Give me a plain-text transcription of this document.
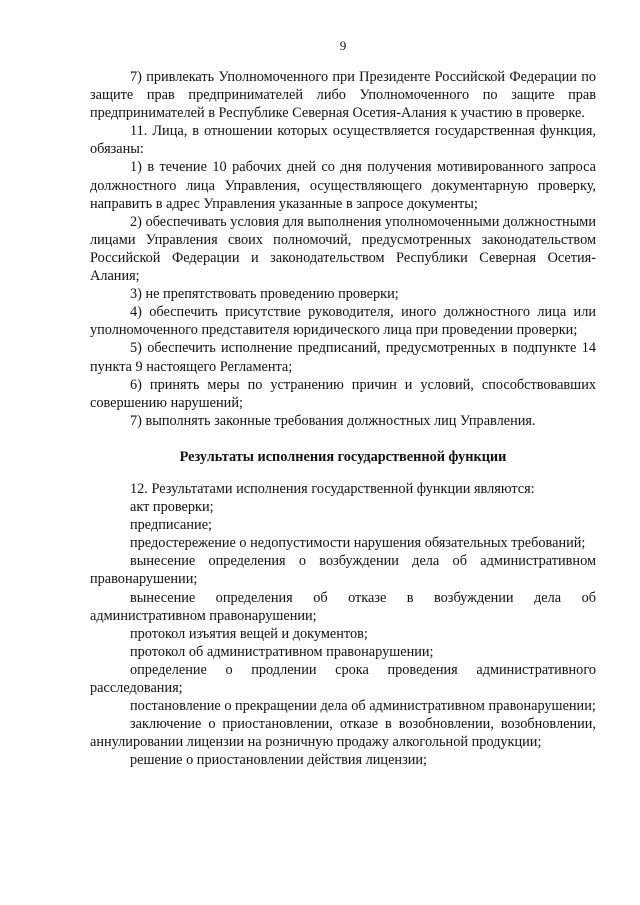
9

7) привлекать Уполномоченного при Президенте Российской Федерации по защите прав предпринимателей либо Уполномоченного по защите прав предпринимателей в Республике Северная Осетия-Алания к участию в проверке.

11. Лица, в отношении которых осуществляется государственная функция, обязаны:

1) в течение 10 рабочих дней со дня получения мотивированного запроса должностного лица Управления, осуществляющего документарную проверку, направить в адрес Управления указанные в запросе документы;

2) обеспечивать условия для выполнения уполномоченными должностными лицами Управления своих полномочий, предусмотренных законодательством Российской Федерации и законодательством Республики Северная Осетия-Алания;

3) не препятствовать проведению проверки;

4) обеспечить присутствие руководителя, иного должностного лица или уполномоченного представителя юридического лица при проведении проверки;

5) обеспечить исполнение предписаний, предусмотренных в подпункте 14 пункта 9 настоящего Регламента;

6) принять меры по устранению причин и условий, способствовавших совершению нарушений;

7) выполнять законные требования должностных лиц Управления.

Результаты исполнения государственной функции

12. Результатами исполнения государственной функции являются:

акт проверки;

предписание;

предостережение о недопустимости нарушения обязательных требований;

вынесение определения о возбуждении дела об административном правонарушении;

вынесение определения об отказе в возбуждении дела об административном правонарушении;

протокол изъятия вещей и документов;

протокол об административном правонарушении;

определение о продлении срока проведения административного расследования;

постановление о прекращении дела об административном правонарушении;

заключение о приостановлении, отказе в возобновлении, возобновлении, аннулировании лицензии на розничную продажу алкогольной продукции;

решение о приостановлении действия лицензии;
